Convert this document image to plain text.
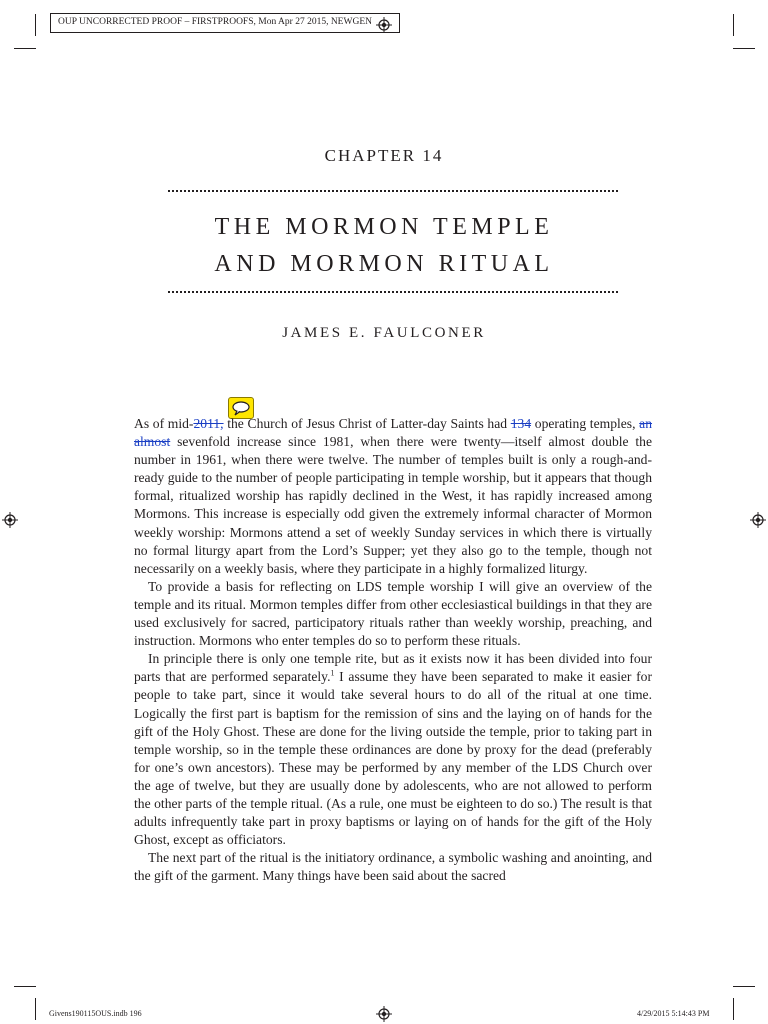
OUP UNCORRECTED PROOF – FIRSTPROOFS, Mon Apr 27 2015, NEWGEN
CHAPTER 14
THE MORMON TEMPLE
AND MORMON RITUAL
JAMES E. FAULCONER

As of mid-2011, the Church of Jesus Christ of Latter-day Saints had 134 operating temples, an almost sevenfold increase since 1981, when there were twenty—itself almost double the number in 1961, when there were twelve. The number of temples built is only a rough-and-ready guide to the number of people participating in temple worship, but it appears that though formal, ritualized worship has rapidly declined in the West, it has rapidly increased among Mormons. This increase is especially odd given the extremely informal character of Mormon weekly worship: Mormons attend a set of weekly Sunday services in which there is virtually no formal liturgy apart from the Lord’s Supper; yet they also go to the temple, though not necessarily on a weekly basis, where they participate in a highly formalized liturgy.

To provide a basis for reflecting on LDS temple worship I will give an overview of the temple and its ritual. Mormon temples differ from other ecclesiastical buildings in that they are used exclusively for sacred, participatory rituals rather than weekly worship, preaching, and instruction. Mormons who enter temples do so to perform these rituals.

In principle there is only one temple rite, but as it exists now it has been divided into four parts that are performed separately.$^1$ I assume they have been separated to make it easier for people to take part, since it would take several hours to do all of the ritual at one time. Logically the first part is baptism for the remission of sins and the laying on of hands for the gift of the Holy Ghost. These are done for the living outside the temple, prior to taking part in temple worship, so in the temple these ordinances are done by proxy for the dead (preferably for one’s own ancestors). These may be performed by any member of the LDS Church over the age of twelve, but they are usually done by adolescents, who are not allowed to perform the other parts of the temple ritual. (As a rule, one must be eighteen to do so.) The result is that adults infrequently take part in proxy baptisms or laying on of hands for the gift of the Holy Ghost, except as officiators.

The next part of the ritual is the initiatory ordinance, a symbolic washing and anointing, and the gift of the garment. Many things have been said about the sacred

Givens190115OUS.indb 196	4/29/2015 5:14:43 PM
